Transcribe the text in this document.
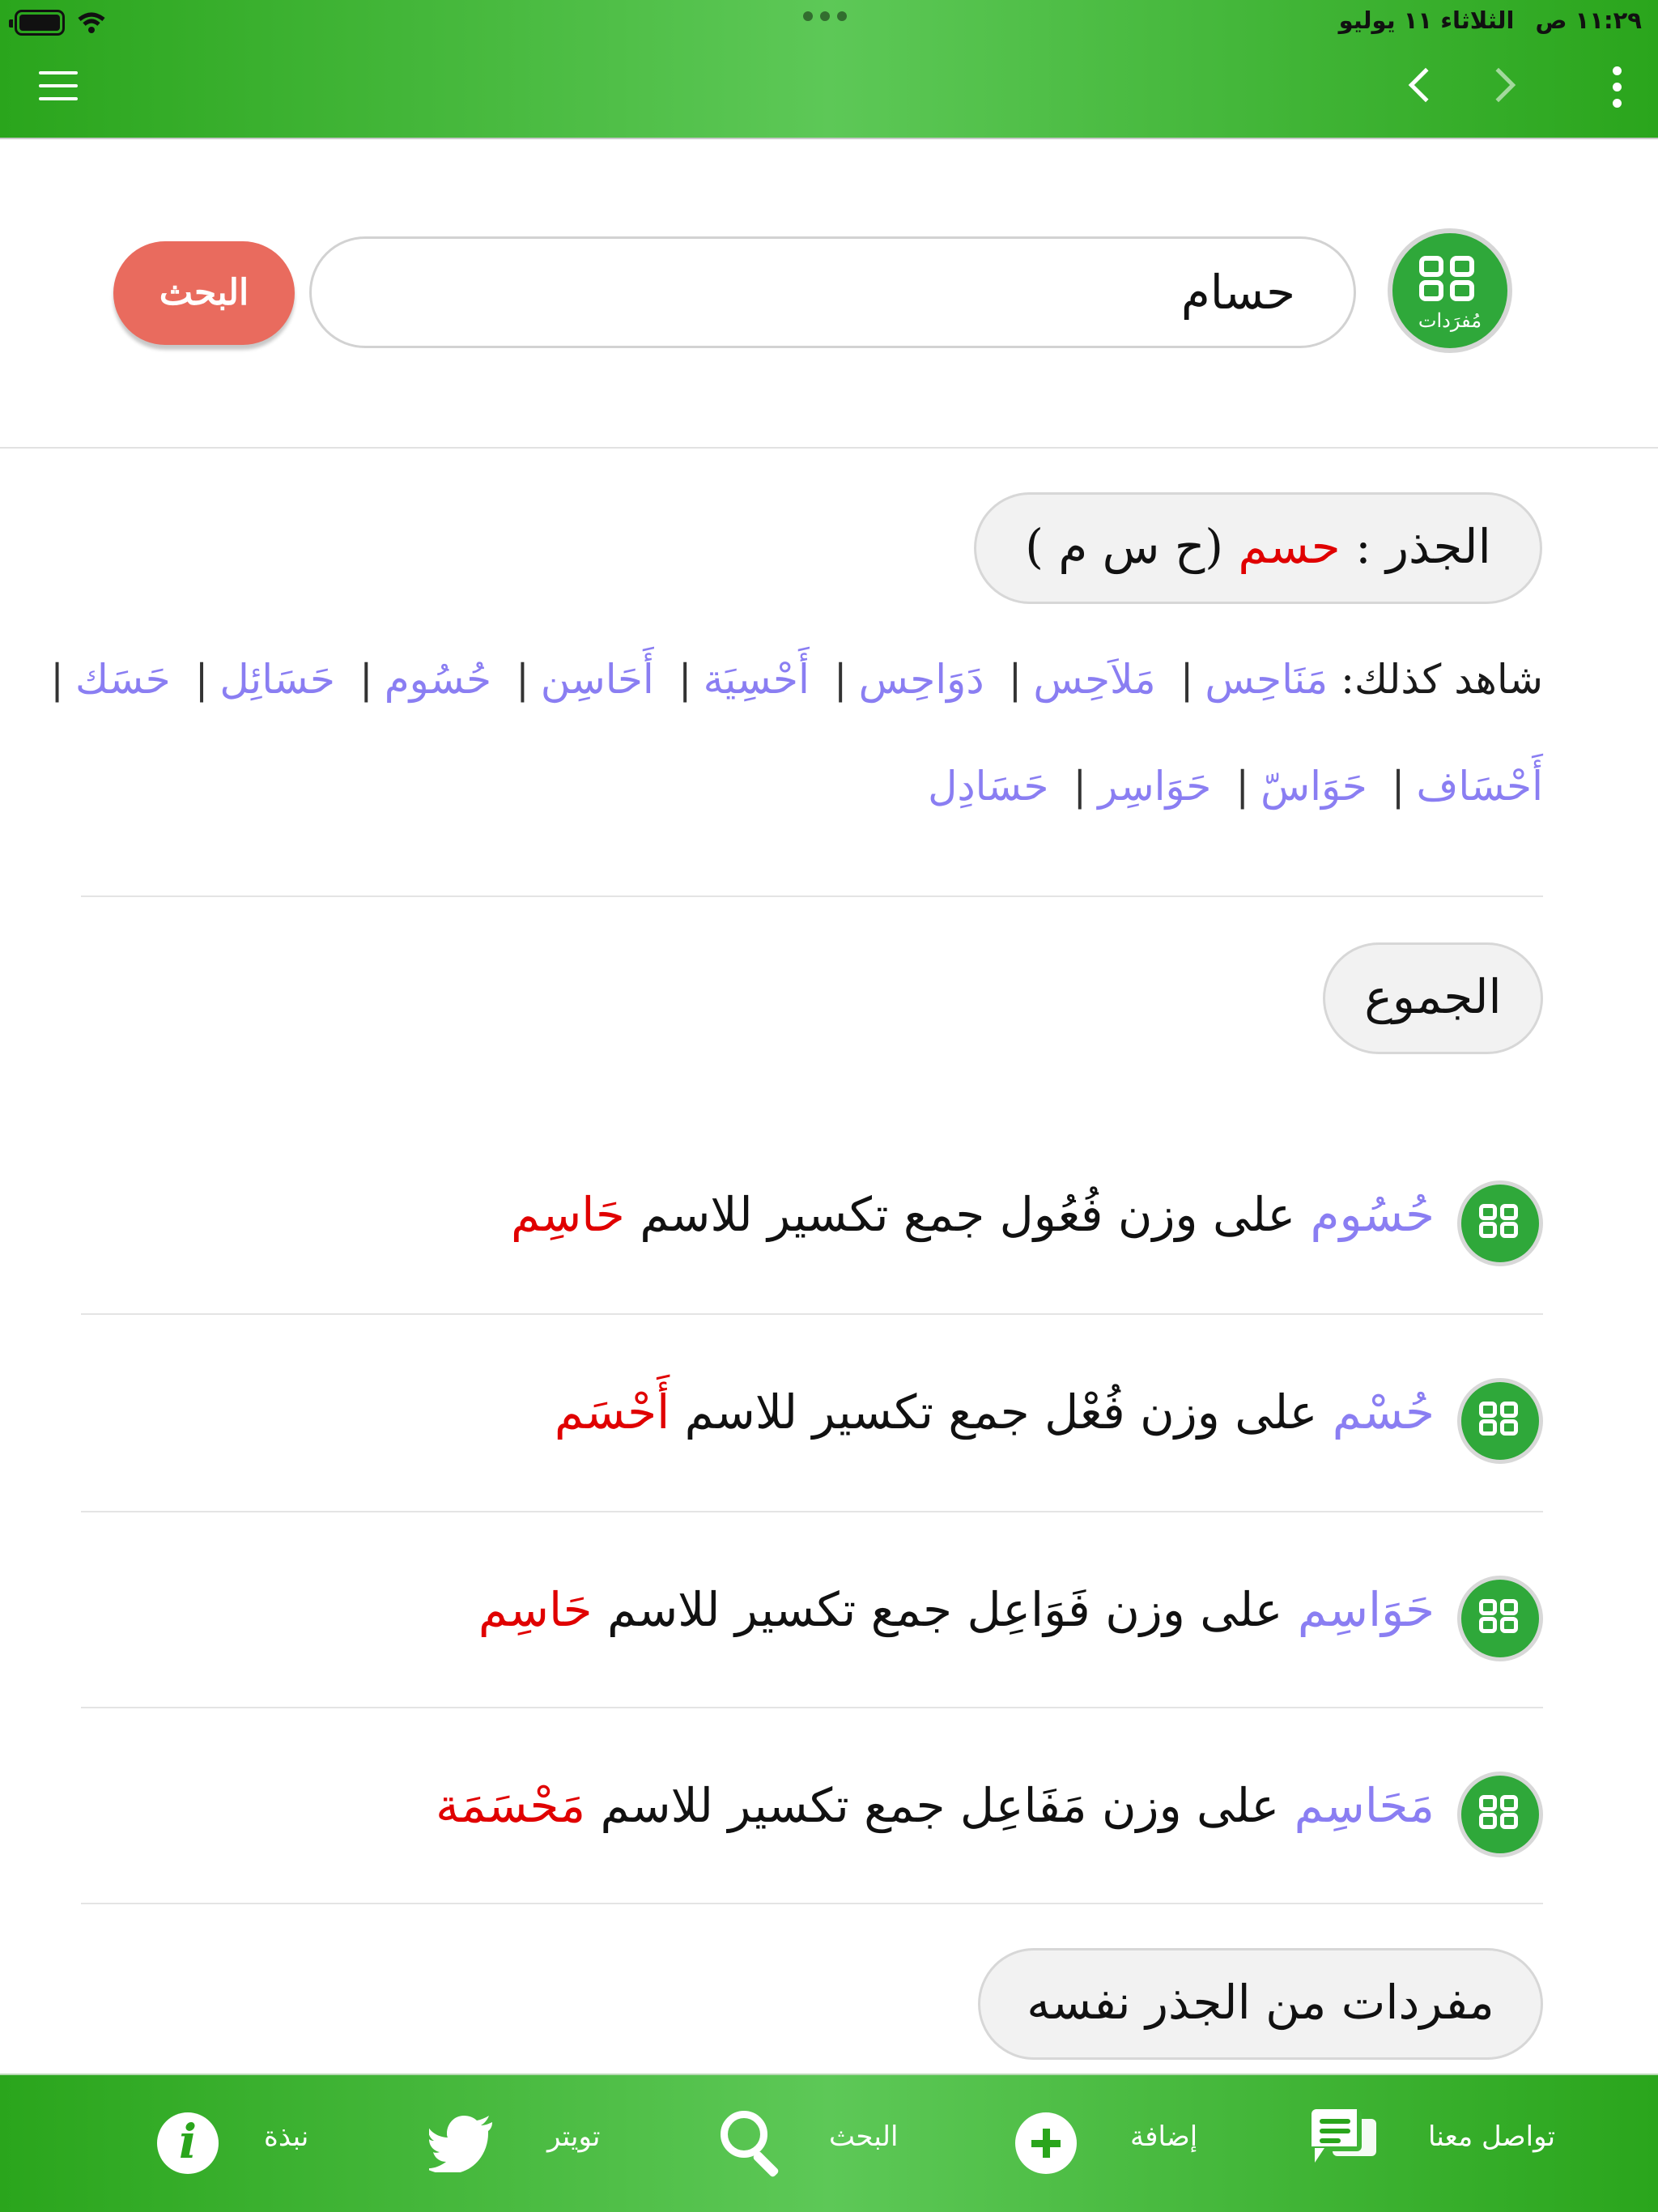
١١:٢٩ ص
الثلاثاء ١١ يوليو
البحث
حسام
مُفرَدات
الجذر : حسم (ح س م )
شاهد كذلك: مَنَاحِس| مَلاَحِس| دَوَاحِس| أَحْسِيَة| أَحَاسِن| حُسُوم| حَسَائِل| حَسَك|
أَحْسَاف| حَوَاسّ| حَوَاسِر| حَسَادِل
الجموع
حُسُوم على وزن فُعُول جمع تكسير للاسم حَاسِم
حُسْم على وزن فُعْل جمع تكسير للاسم أَحْسَم
حَوَاسِم على وزن فَوَاعِل جمع تكسير للاسم حَاسِم
مَحَاسِم على وزن مَفَاعِل جمع تكسير للاسم مَحْسَمَة
مفردات من الجذر نفسه
i	نبذة	تويتر	البحث	إضافة	تواصل معنا
